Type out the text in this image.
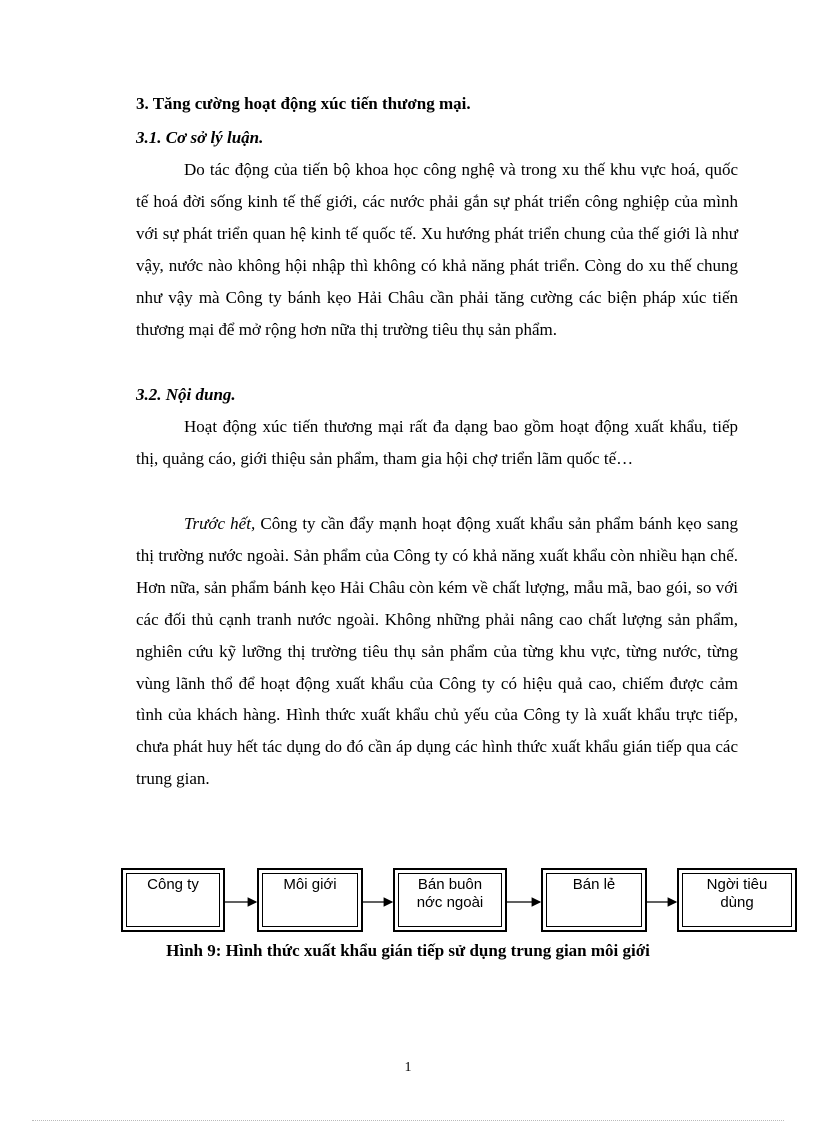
3. Tăng cường hoạt động xúc tiến thương mại.
3.1. Cơ sở lý luận.

Do tác động của tiến bộ khoa học công nghệ và trong xu thế khu vực hoá, quốc tế hoá đời sống kinh tế thế giới, các nước phải gắn sự phát triển công nghiệp của mình với sự phát triển quan hệ kinh tế quốc tế. Xu hướng phát triển chung của thế giới là như vậy, nước nào không hội nhập thì không có khả năng phát triển. Còng do xu thế chung như vậy mà Công ty bánh kẹo Hải Châu cần phải tăng cường các biện pháp xúc tiến thương mại để mở rộng hơn nữa thị trường tiêu thụ sản phẩm.

3.2. Nội dung.

Hoạt động xúc tiến thương mại rất đa dạng bao gồm hoạt động xuất khẩu, tiếp thị, quảng cáo, giới thiệu sản phẩm, tham gia hội chợ triển lãm quốc tế…

Trước hết, Công ty cần đẩy mạnh hoạt động xuất khẩu sản phẩm bánh kẹo sang thị trường nước ngoài. Sản phẩm của Công ty có khả năng xuất khẩu còn nhiều hạn chế. Hơn nữa, sản phẩm bánh kẹo Hải Châu còn kém về chất lượng, mẫu mã, bao gói, so với các đối thủ cạnh tranh nước ngoài. Không những phải nâng cao chất lượng sản phẩm, nghiên cứu kỹ lưỡng thị trường tiêu thụ sản phẩm của từng khu vực, từng nước, từng vùng lãnh thổ để hoạt động xuất khẩu của Công ty có hiệu quả cao, chiếm được cảm tình của khách hàng. Hình thức xuất khẩu chủ yếu của Công ty là xuất khẩu trực tiếp, chưa phát huy hết tác dụng do đó cần áp dụng các hình thức xuất khẩu gián tiếp qua các trung gian.

Công ty	Môi giới	Bán buôn
nớc ngoài
Bán lẻ	Ngời tiêu
dùng
Hình 9: Hình thức xuất khẩu gián tiếp sử dụng trung gian môi giới
1
